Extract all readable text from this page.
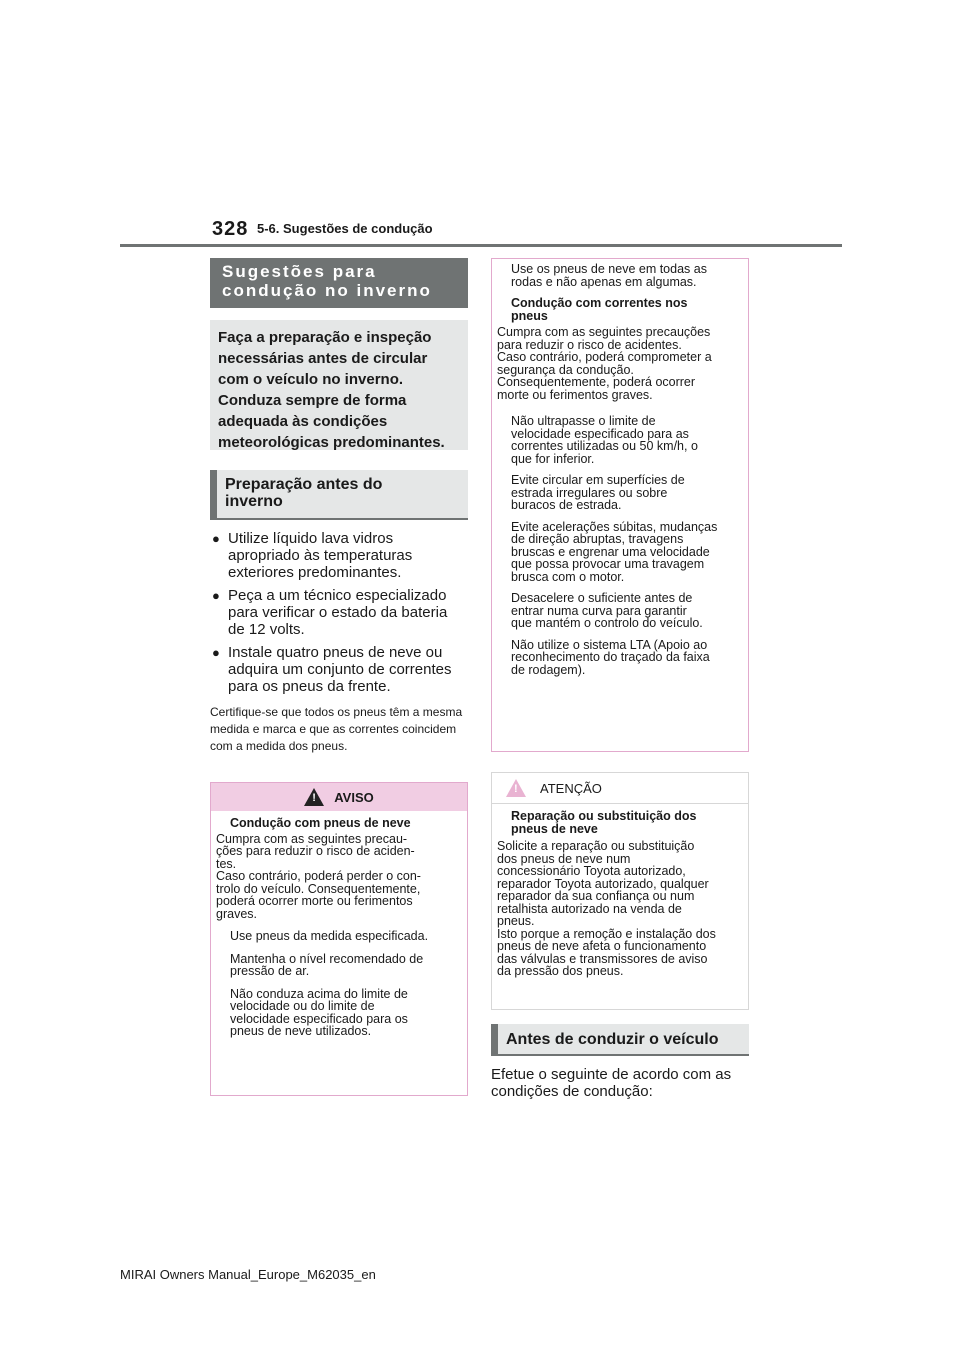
328 5-6. Sugestões de condução
Sugestões para
condução no inverno
Faça a preparação e inspeção necessárias antes de circular com o veículo no inverno. Conduza sempre de forma adequada às condições meteorológicas predominantes.
Preparação antes do
inverno
● Utilize líquido lava vidros apropriado às temperaturas exteriores predominantes.
● Peça a um técnico especializado para verificar o estado da bateria de 12 volts.
● Instale quatro pneus de neve ou adquira um conjunto de correntes para os pneus da frente.
Certifique-se que todos os pneus têm a mesma medida e marca e que as correntes coincidem com a medida dos pneus.
! AVISO
Condução com pneus de neve
Cumpra com as seguintes precau-
ções para reduzir o risco de aciden-
tes.
Caso contrário, poderá perder o con-
trolo do veículo. Consequentemente,
poderá ocorrer morte ou ferimentos
graves.
Use pneus da medida especificada.
Mantenha o nível recomendado de
pressão de ar.
Não conduza acima do limite de
velocidade ou do limite de
velocidade especificado para os
pneus de neve utilizados.
Use os pneus de neve em todas as
rodas e não apenas em algumas.
Condução com correntes nos
pneus
Cumpra com as seguintes precauções
para reduzir o risco de acidentes.
Caso contrário, poderá comprometer a
segurança da condução.
Consequentemente, poderá ocorrer
morte ou ferimentos graves.
Não ultrapasse o limite de
velocidade especificado para as
correntes utilizadas ou 50 km/h, o
que for inferior.
Evite circular em superfícies de
estrada irregulares ou sobre
buracos de estrada.
Evite acelerações súbitas, mudanças
de direção abruptas, travagens
bruscas e engrenar uma velocidade
que possa provocar uma travagem
brusca com o motor.
Desacelere o suficiente antes de
entrar numa curva para garantir
que mantém o controlo do veículo.
Não utilize o sistema LTA (Apoio ao
reconhecimento do traçado da faixa
de rodagem).
! ATENÇÃO
Reparação ou substituição dos
pneus de neve
Solicite a reparação ou substituição
dos pneus de neve num
concessionário Toyota autorizado,
reparador Toyota autorizado, qualquer
reparador da sua confiança ou num
retalhista autorizado na venda de
pneus.
Isto porque a remoção e instalação dos
pneus de neve afeta o funcionamento
das válvulas e transmissores de aviso
da pressão dos pneus.
Antes de conduzir o veículo
Efetue o seguinte de acordo com as condições de condução:
MIRAI Owners Manual_Europe_M62035_en
